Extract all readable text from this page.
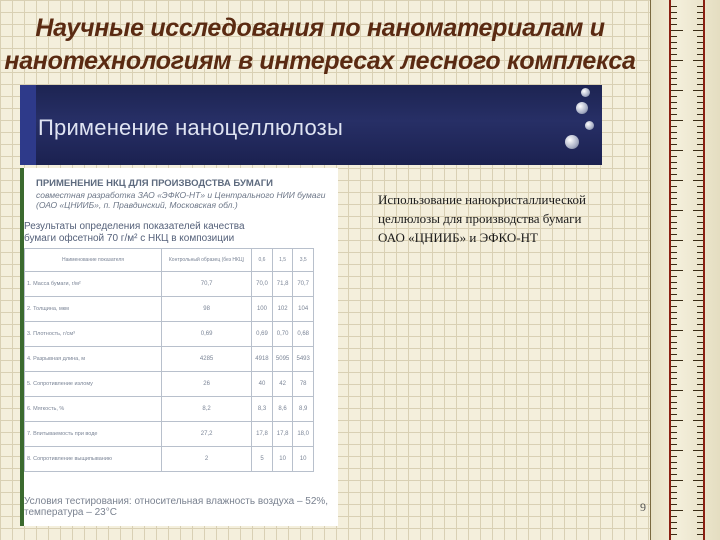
Научные исследования по наноматериалам и
нанотехнологиям в интересах лесного комплекса
Применение наноцеллюлозы
ПРИМЕНЕНИЕ НКЦ ДЛЯ ПРОИЗВОДСТВА БУМАГИ
совместная разработка ЗАО «ЭФКО-НТ» и Центрального НИИ бумаги (ОАО «ЦНИИБ», п. Правдинский, Московская обл.)
Результаты определения показателей качества бумаги офсетной 70 г/м² с НКЦ в композиции
Наименование показателя	Контрольный образец (без НКЦ)	0,6	1,5	3,5
1. Масса бумаги, г/м²	70,7	70,0	71,8	70,7
2. Толщина, мкм	98	100	102	104
3. Плотность, г/см³	0,69	0,69	0,70	0,68
4. Разрывная длина, м	4285	4918	5095	5493
5. Сопротивление излому	26	40	42	78
6. Мягкость, %	8,2	8,3	8,6	8,9
7. Впитываемость при воде	27,2	17,8	17,8	18,0
8. Сопротивление выщипыванию	2	5	10	10
Условия тестирования: относительная влажность воздуха – 52%, температура – 23°С
Использование нанокристаллической целлюлозы для производства бумаги ОАО «ЦНИИБ» и ЭФКО-НТ
9
